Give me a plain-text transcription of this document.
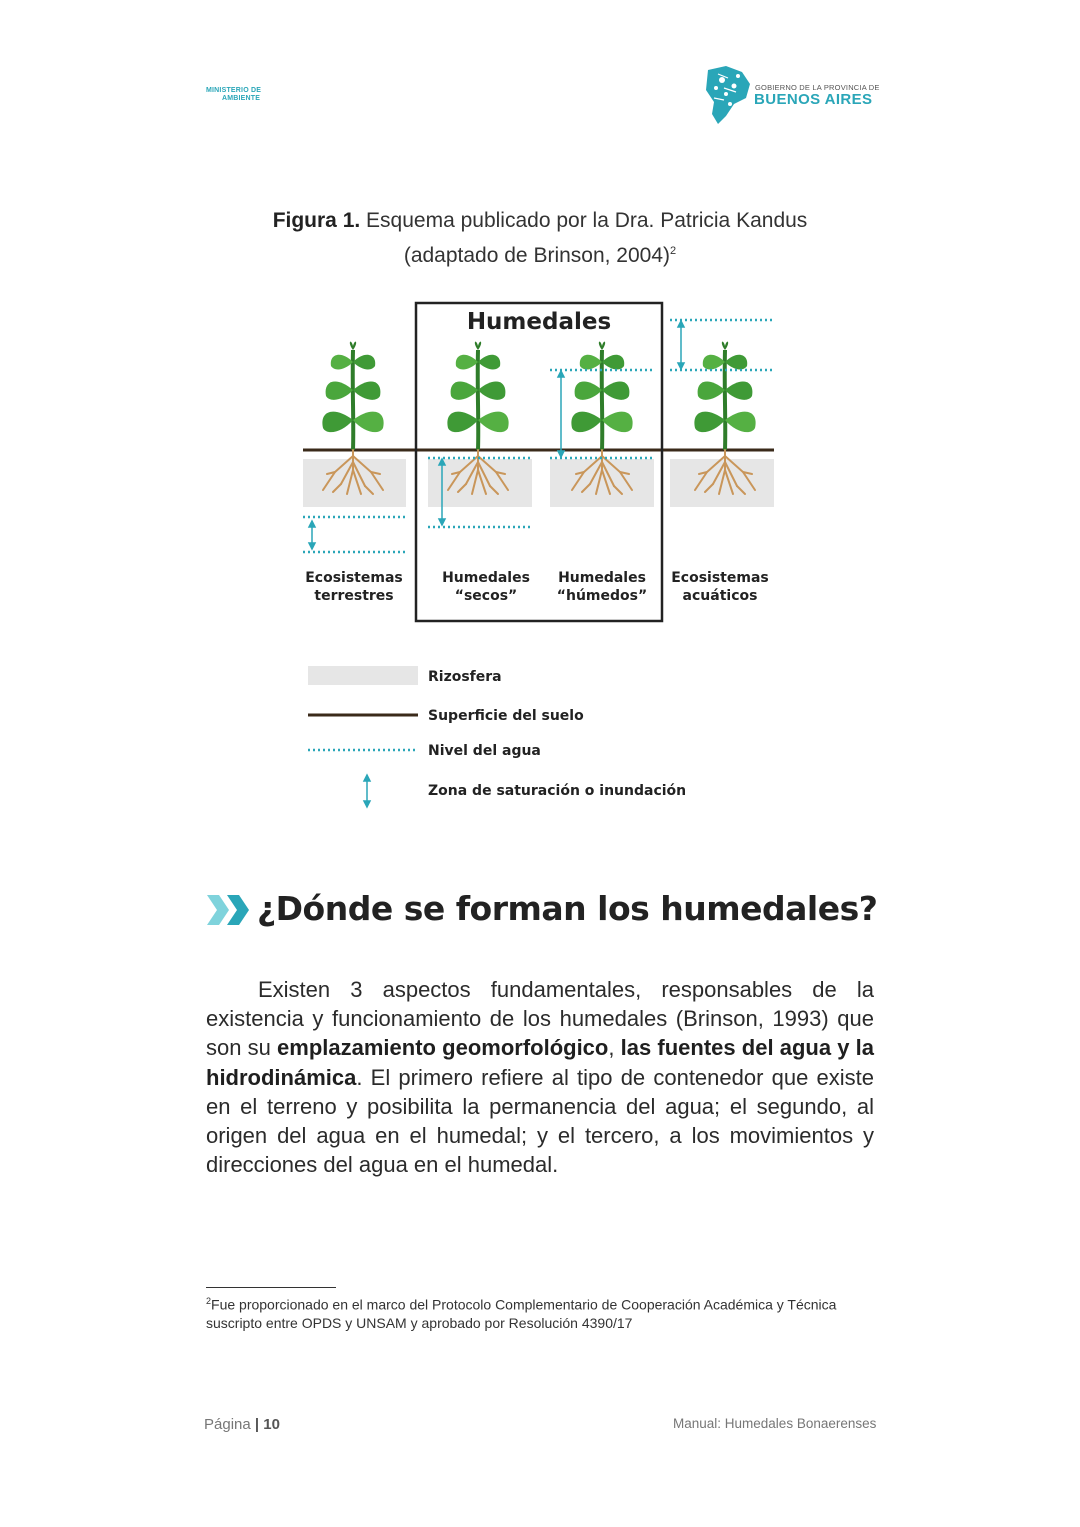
MINISTERIO DE
AMBIENTE
GOBIERNO DE LA PROVINCIA DE
BUENOS AIRES
Figura 1. Esquema publicado por la Dra. Patricia Kandus
(adaptado de Brinson, 2004)$^2$
Humedales
Ecosistemas
terrestres
Humedales
“secos”
Humedales
“húmedos”
Ecosistemas
acuáticos
Rizosfera
Superficie del suelo
Nivel del agua
Zona de saturación o inundación
¿Dónde se forman los humedales?
Existen 3 aspectos fundamentales, responsables de la existencia y funcionamiento de los humedales (Brinson, 1993) que son su emplazamiento geomorfológico, las fuentes del agua y la hidrodinámica. El primero refiere al tipo de contenedor que existe en el terreno y posibilita la permanencia del agua; el segundo, al origen del agua en el humedal; y el tercero, a los movimientos y direcciones del agua en el humedal.
$^2$Fue proporcionado en el marco del Protocolo Complementario de Cooperación Académica y Técnica suscripto entre OPDS y UNSAM y aprobado por Resolución 4390/17
Página | 10	Manual: Humedales Bonaerenses
